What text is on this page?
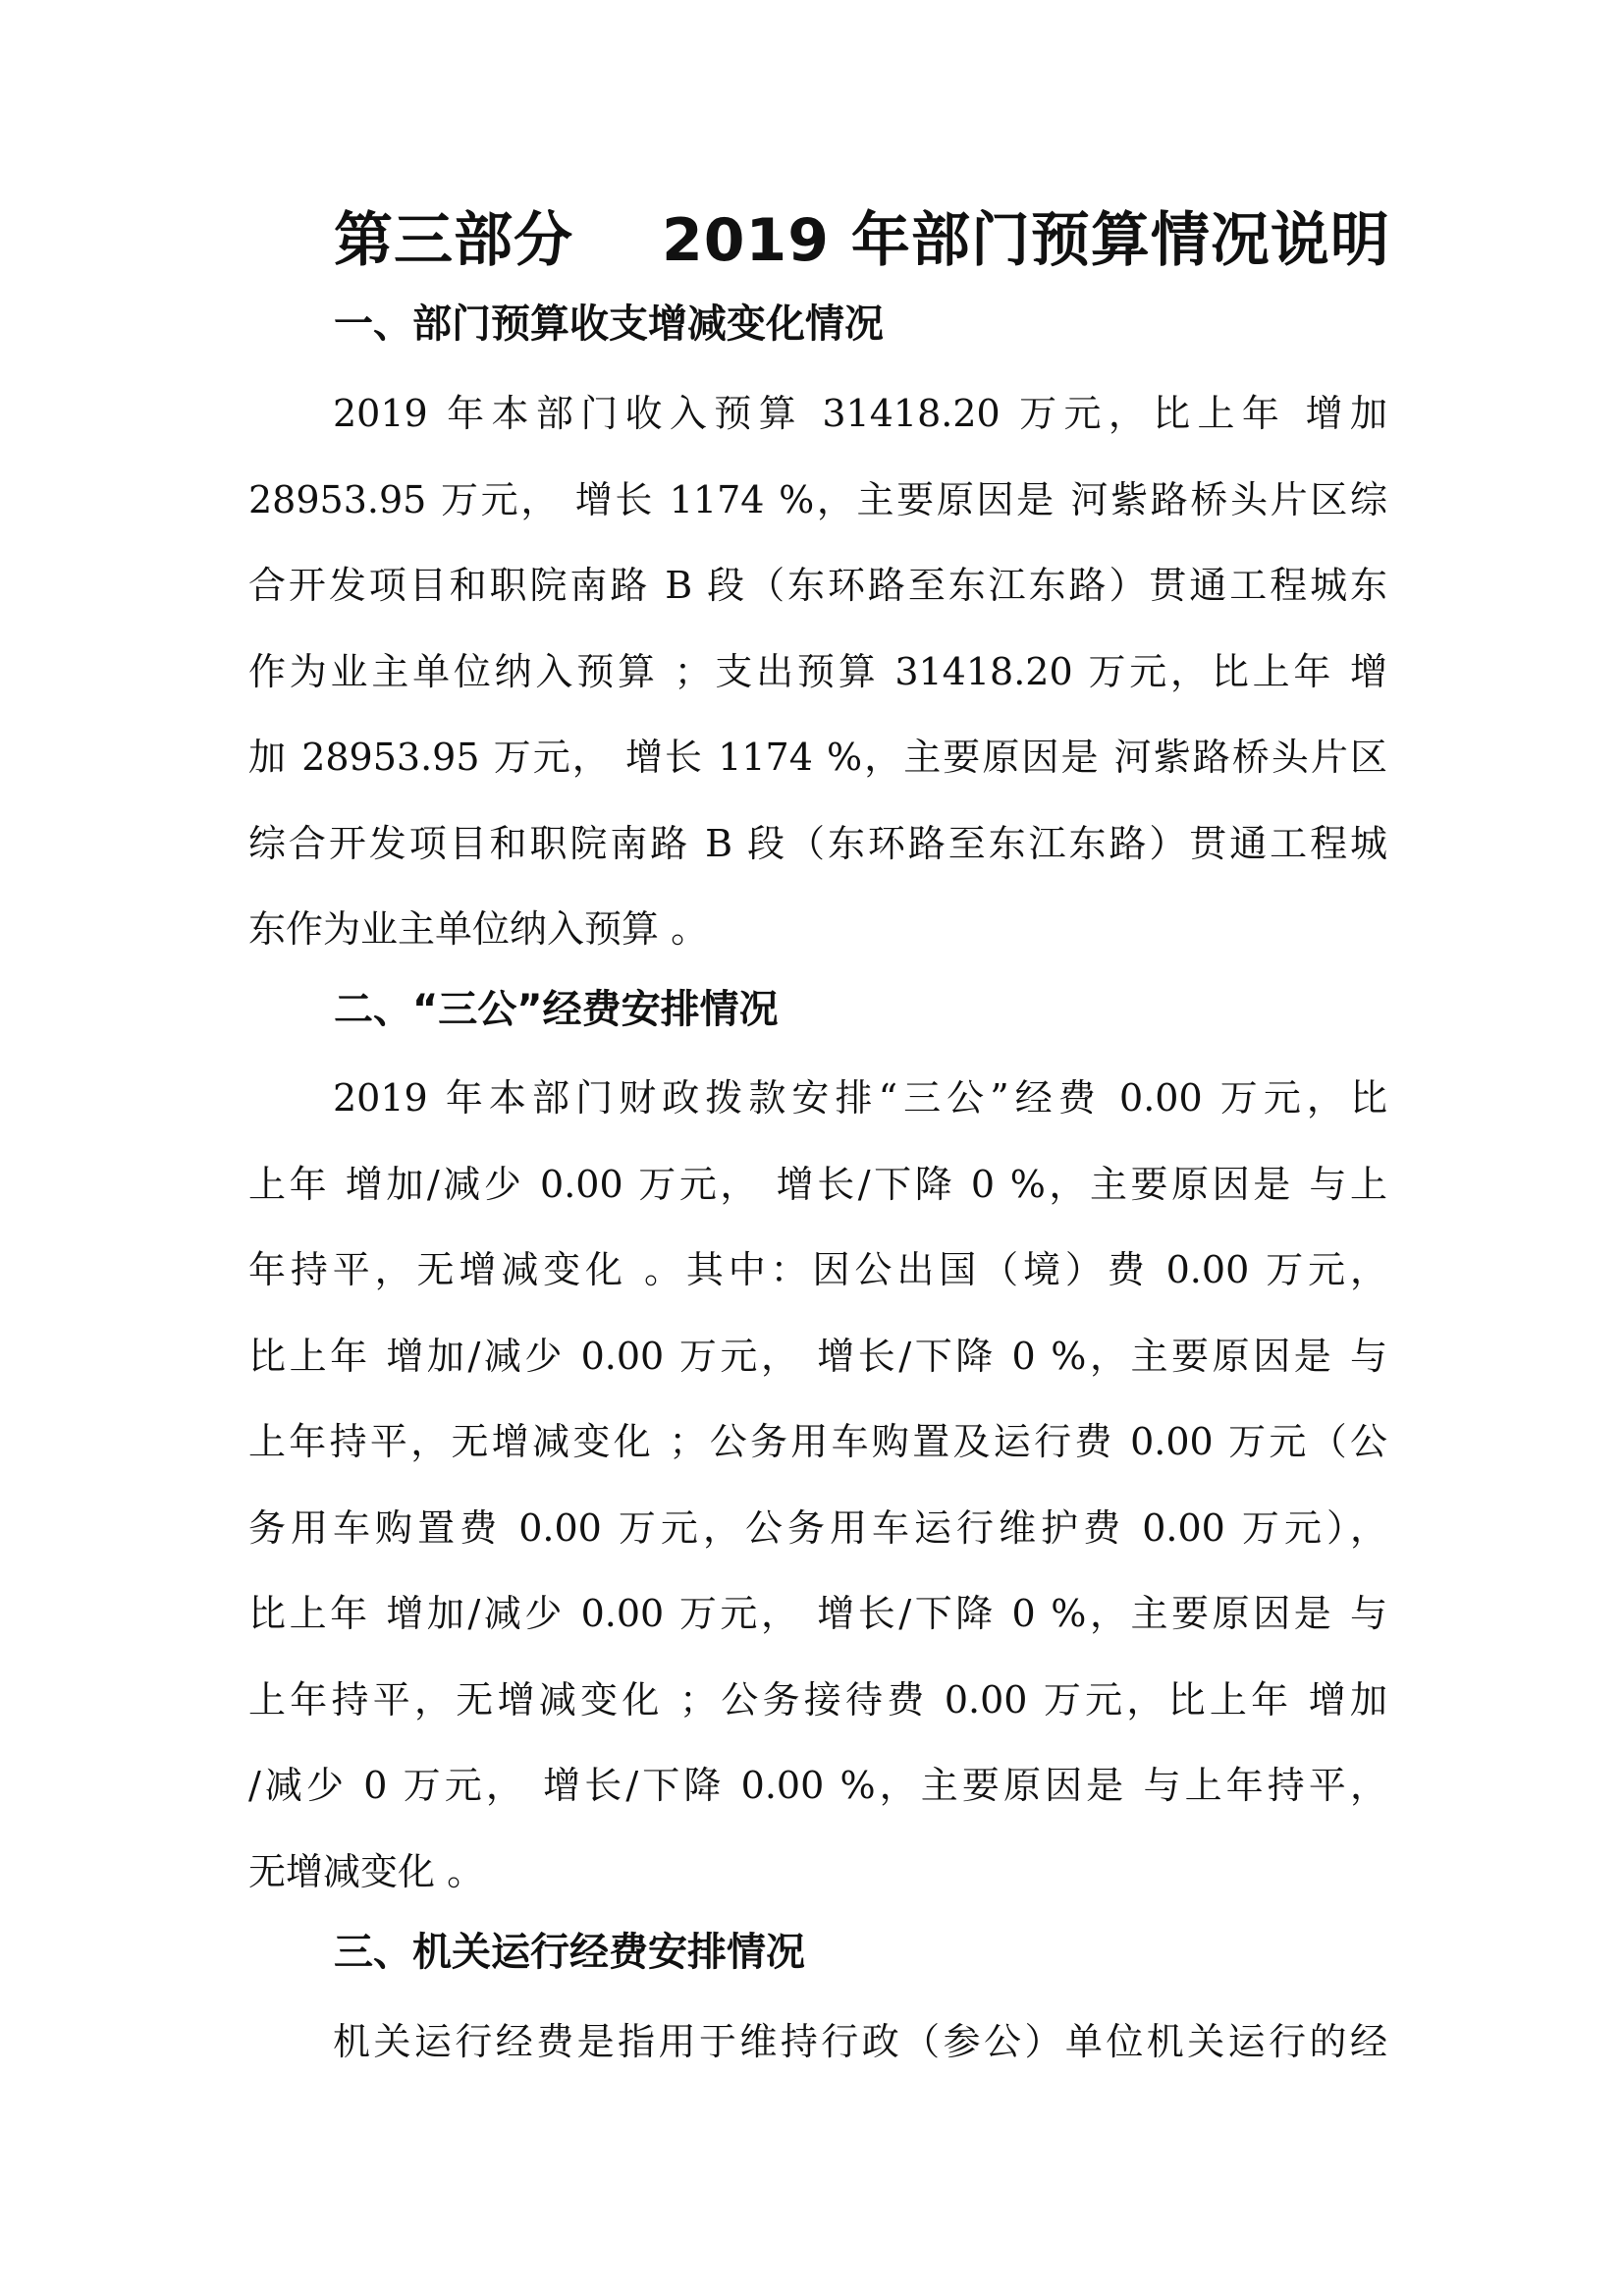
第三部分 2019 年部门预算情况说明
一、部门预算收支增减变化情况
2019 年本部门收入预算 31418.20 万元，比上年 增加
28953.95 万元， 增长 1174 %，主要原因是 河紫路桥头片区综
合开发项目和职院南路 B 段（东环路至东江东路）贯通工程城东
作为业主单位纳入预算 ；支出预算 31418.20 万元，比上年 增
加 28953.95 万元， 增长 1174 %，主要原因是 河紫路桥头片区
综合开发项目和职院南路 B 段（东环路至东江东路）贯通工程城
东作为业主单位纳入预算 。
二、“三公”经费安排情况
2019 年本部门财政拨款安排“三公”经费 0.00 万元，比
上年 增加/减少 0.00 万元， 增长/下降 0 %，主要原因是 与上
年持平，无增减变化 。其中：因公出国（境）费 0.00 万元，
比上年 增加/减少 0.00 万元， 增长/下降 0 %，主要原因是 与
上年持平，无增减变化 ；公务用车购置及运行费 0.00 万元（公
务用车购置费 0.00 万元，公务用车运行维护费 0.00 万元），
比上年 增加/减少 0.00 万元， 增长/下降 0 %，主要原因是 与
上年持平，无增减变化 ；公务接待费 0.00 万元，比上年 增加
/减少 0 万元， 增长/下降 0.00 %，主要原因是 与上年持平，
无增减变化 。
三、机关运行经费安排情况
机关运行经费是指用于维持行政（参公）单位机关运行的经
